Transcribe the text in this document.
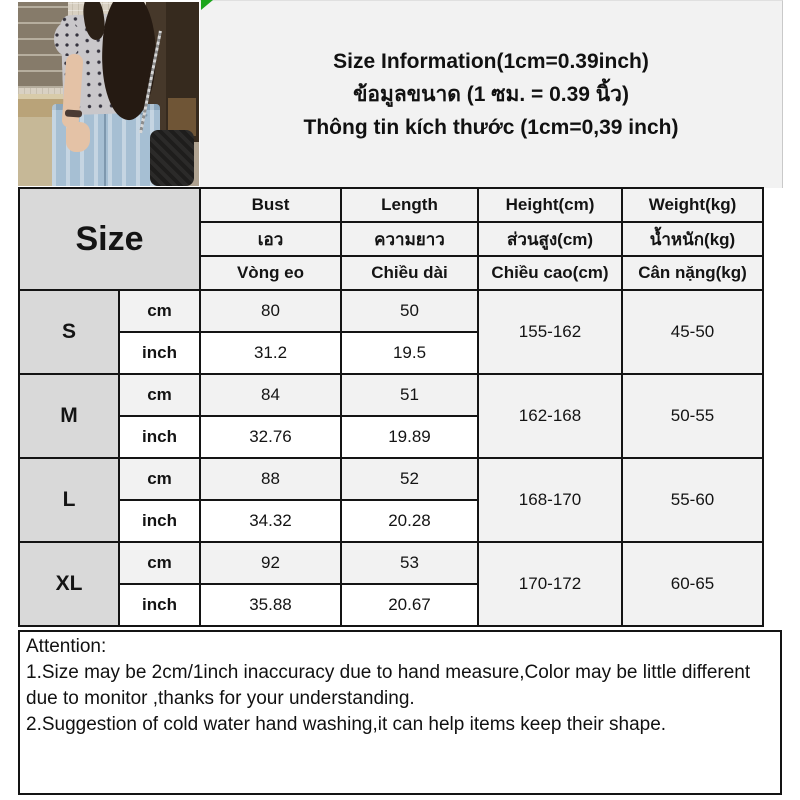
Size Information(1cm=0.39inch)
ข้อมูลขนาด (1 ซม. = 0.39 นิ้ว)
Thông tin kích thước (1cm=0,39 inch)
Size		Bust	Length	Height(cm)	Weight(kg)
		เอว	ความยาว	ส่วนสูง(cm)	น้ำหนัก(kg)
		Vòng eo	Chiều dài	Chiều cao(cm)	Cân nặng(kg)
S	cm	80	50	155-162	45-50
	inch	31.2	19.5		
M	cm	84	51	162-168	50-55
	inch	32.76	19.89		
L	cm	88	52	168-170	55-60
	inch	34.32	20.28		
XL	cm	92	53	170-172	60-65
	inch	35.88	20.67		
Attention:
1.Size may be 2cm/1inch inaccuracy due to hand measure,Color may be little different due to monitor ,thanks for your understanding.
2.Suggestion of cold water hand washing,it can help items keep their shape.
